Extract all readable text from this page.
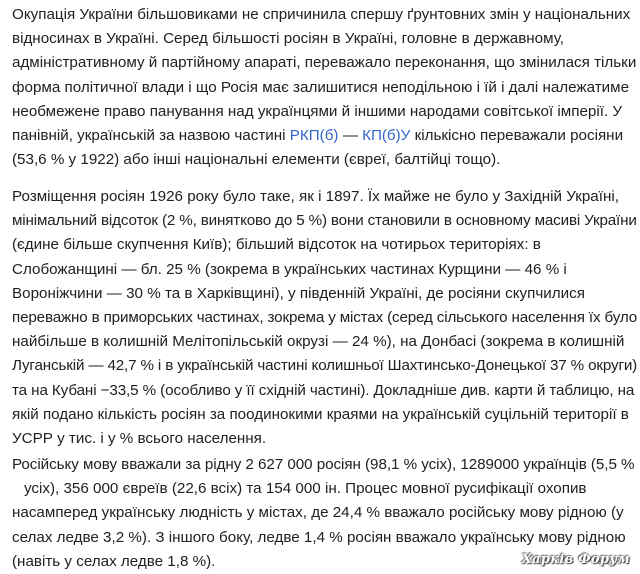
Окупація України більшовиками не спричинила спершу ґрунтовних змін у національних
відносинах в Україні. Серед більшості росіян в Україні, головне в державному,
адміністративному й партійному апараті, переважало переконання, що змінилася тільки
форма політичної влади і що Росія має залишитися неподільною і їй і далі належатиме
необмежене право панування над українцями й іншими народами совітської імперії. У
панівній, українській за назвою частині РКП(б) — КП(б)У кількісно переважали росіяни
(53,6 % у 1922) або інші національні елементи (євреї, балтійці тощо).

Розміщення росіян 1926 року було таке, як і 1897. Їх майже не було у Західній Україні,
мінімальний відсоток (2 %, винятково до 5 %) вони становили в основному масиві України
(єдине більше скупчення Київ); більший відсоток на чотирьох територіях: в
Слобожанщині — бл. 25 % (зокрема в українських частинах Курщини — 46 % і
Вороніжчини — 30 % та в Харківщині), у південній Україні, де росіяни скупчилися
переважно в приморських частинах, зокрема у містах (серед сільського населення їх було
найбільше в колишній Мелітопільській окрузі — 24 %), на Донбасі (зокрема в колишній
Луганській — 42,7 % і в українській частині колишньої Шахтинсько-Донецької 37 % округи)
та на Кубані −33,5 % (особливо у її східній частині). Докладніше див. карти й таблицю, на
якій подано кількість росіян за поодинокими краями на українській суцільній території в
УСРР у тис. і у % всього населення.

Російську мову вважали за рідну 2 627 000 росіян (98,1 % усіх), 1289000 українців (5,5 %
усіх), 356 000 євреїв (22,6 всіх) та 154 000 ін. Процес мовної русифікації охопив
насамперед українську людність у містах, де 24,4 % вважало російську мову рідною (у
селах ледве 3,2 %). З іншого боку, ледве 1,4 % росіян вважало українську мову рідною
(навіть у селах ледве 1,8 %).	Харків Форум
